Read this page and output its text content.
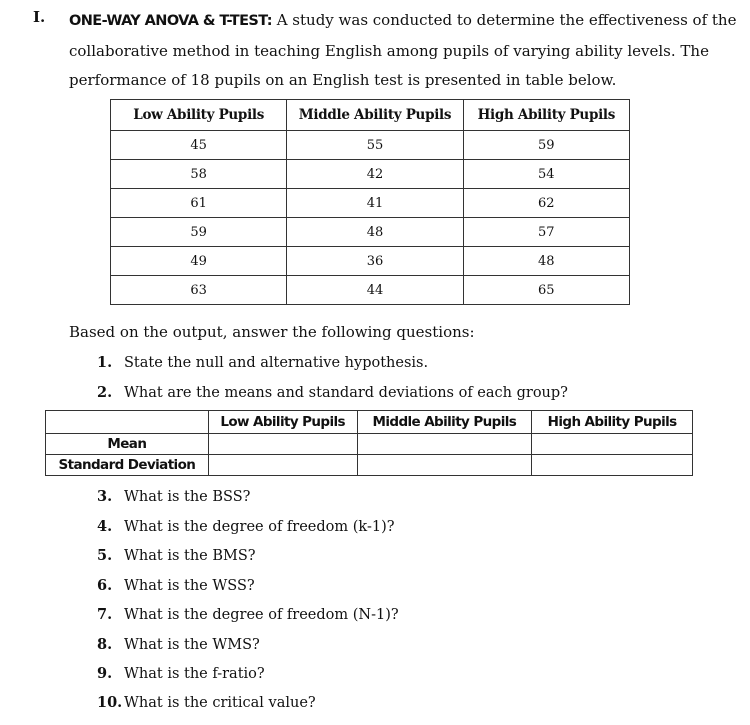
I. ONE-WAY ANOVA & T-TEST: A study was conducted to determine the effectiveness of the collaborative method in teaching English among pupils of varying ability levels. The performance of 18 pupils on an English test is presented in table below.
Low Ability Pupils	Middle Ability Pupils	High Ability Pupils
45	55	59
58	42	54
61	41	62
59	48	57
49	36	48
63	44	65
Based on the output, answer the following questions:
1. State the null and alternative hypothesis.
2. What are the means and standard deviations of each group?
	Low Ability Pupils	Middle Ability Pupils	High Ability Pupils
Mean			
Standard Deviation			
3. What is the BSS?
4. What is the degree of freedom (k-1)?
5. What is the BMS?
6. What is the WSS?
7. What is the degree of freedom (N-1)?
8. What is the WMS?
9. What is the f-ratio?
10. What is the critical value?
